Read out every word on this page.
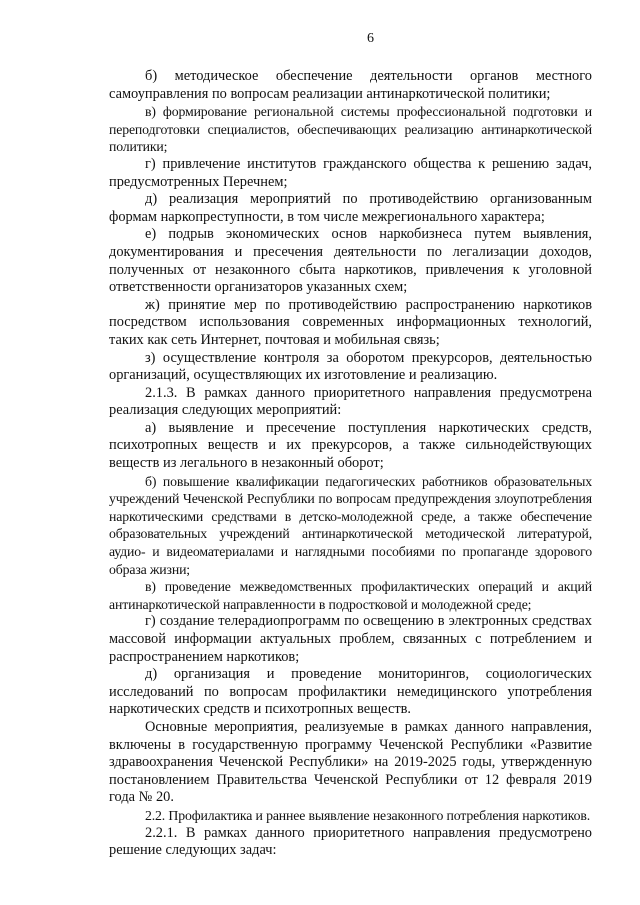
6

б) методическое обеспечение деятельности органов местного самоуправления по вопросам реализации антинаркотической политики;

в) формирование региональной системы профессиональной подготовки и переподготовки специалистов, обеспечивающих реализацию антинаркотической политики;

г) привлечение институтов гражданского общества к решению задач, предусмотренных Перечнем;

д) реализация мероприятий по противодействию организованным формам наркопреступности, в том числе межрегионального характера;

е) подрыв экономических основ наркобизнеса путем выявления, документирования и пресечения деятельности по легализации доходов, полученных от незаконного сбыта наркотиков, привлечения к уголовной ответственности организаторов указанных схем;

ж) принятие мер по противодействию распространению наркотиков посредством использования современных информационных технологий, таких как сеть Интернет, почтовая и мобильная связь;

з) осуществление контроля за оборотом прекурсоров, деятельностью организаций, осуществляющих их изготовление и реализацию.

2.1.3. В рамках данного приоритетного направления предусмотрена реализация следующих мероприятий:

а) выявление и пресечение поступления наркотических средств, психотропных веществ и их прекурсоров, а также сильнодействующих веществ из легального в незаконный оборот;

б) повышение квалификации педагогических работников образовательных учреждений Чеченской Республики по вопросам предупреждения злоупотребления наркотическими средствами в детско-молодежной среде, а также обеспечение образовательных учреждений антинаркотической методической литературой, аудио- и видеоматериалами и наглядными пособиями по пропаганде здорового образа жизни;

в) проведение межведомственных профилактических операций и акций антинаркотической направленности в подростковой и молодежной среде;

г) создание телерадиопрограмм по освещению в электронных средствах массовой информации актуальных проблем, связанных с потреблением и распространением наркотиков;

д) организация и проведение мониторингов, социологических исследований по вопросам профилактики немедицинского употребления наркотических средств и психотропных веществ.

Основные мероприятия, реализуемые в рамках данного направления, включены в государственную программу Чеченской Республики «Развитие здравоохранения Чеченской Республики» на 2019-2025 годы, утвержденную постановлением Правительства Чеченской Республики от 12 февраля 2019 года № 20.

2.2. Профилактика и раннее выявление незаконного потребления наркотиков.

2.2.1. В рамках данного приоритетного направления предусмотрено решение следующих задач:
